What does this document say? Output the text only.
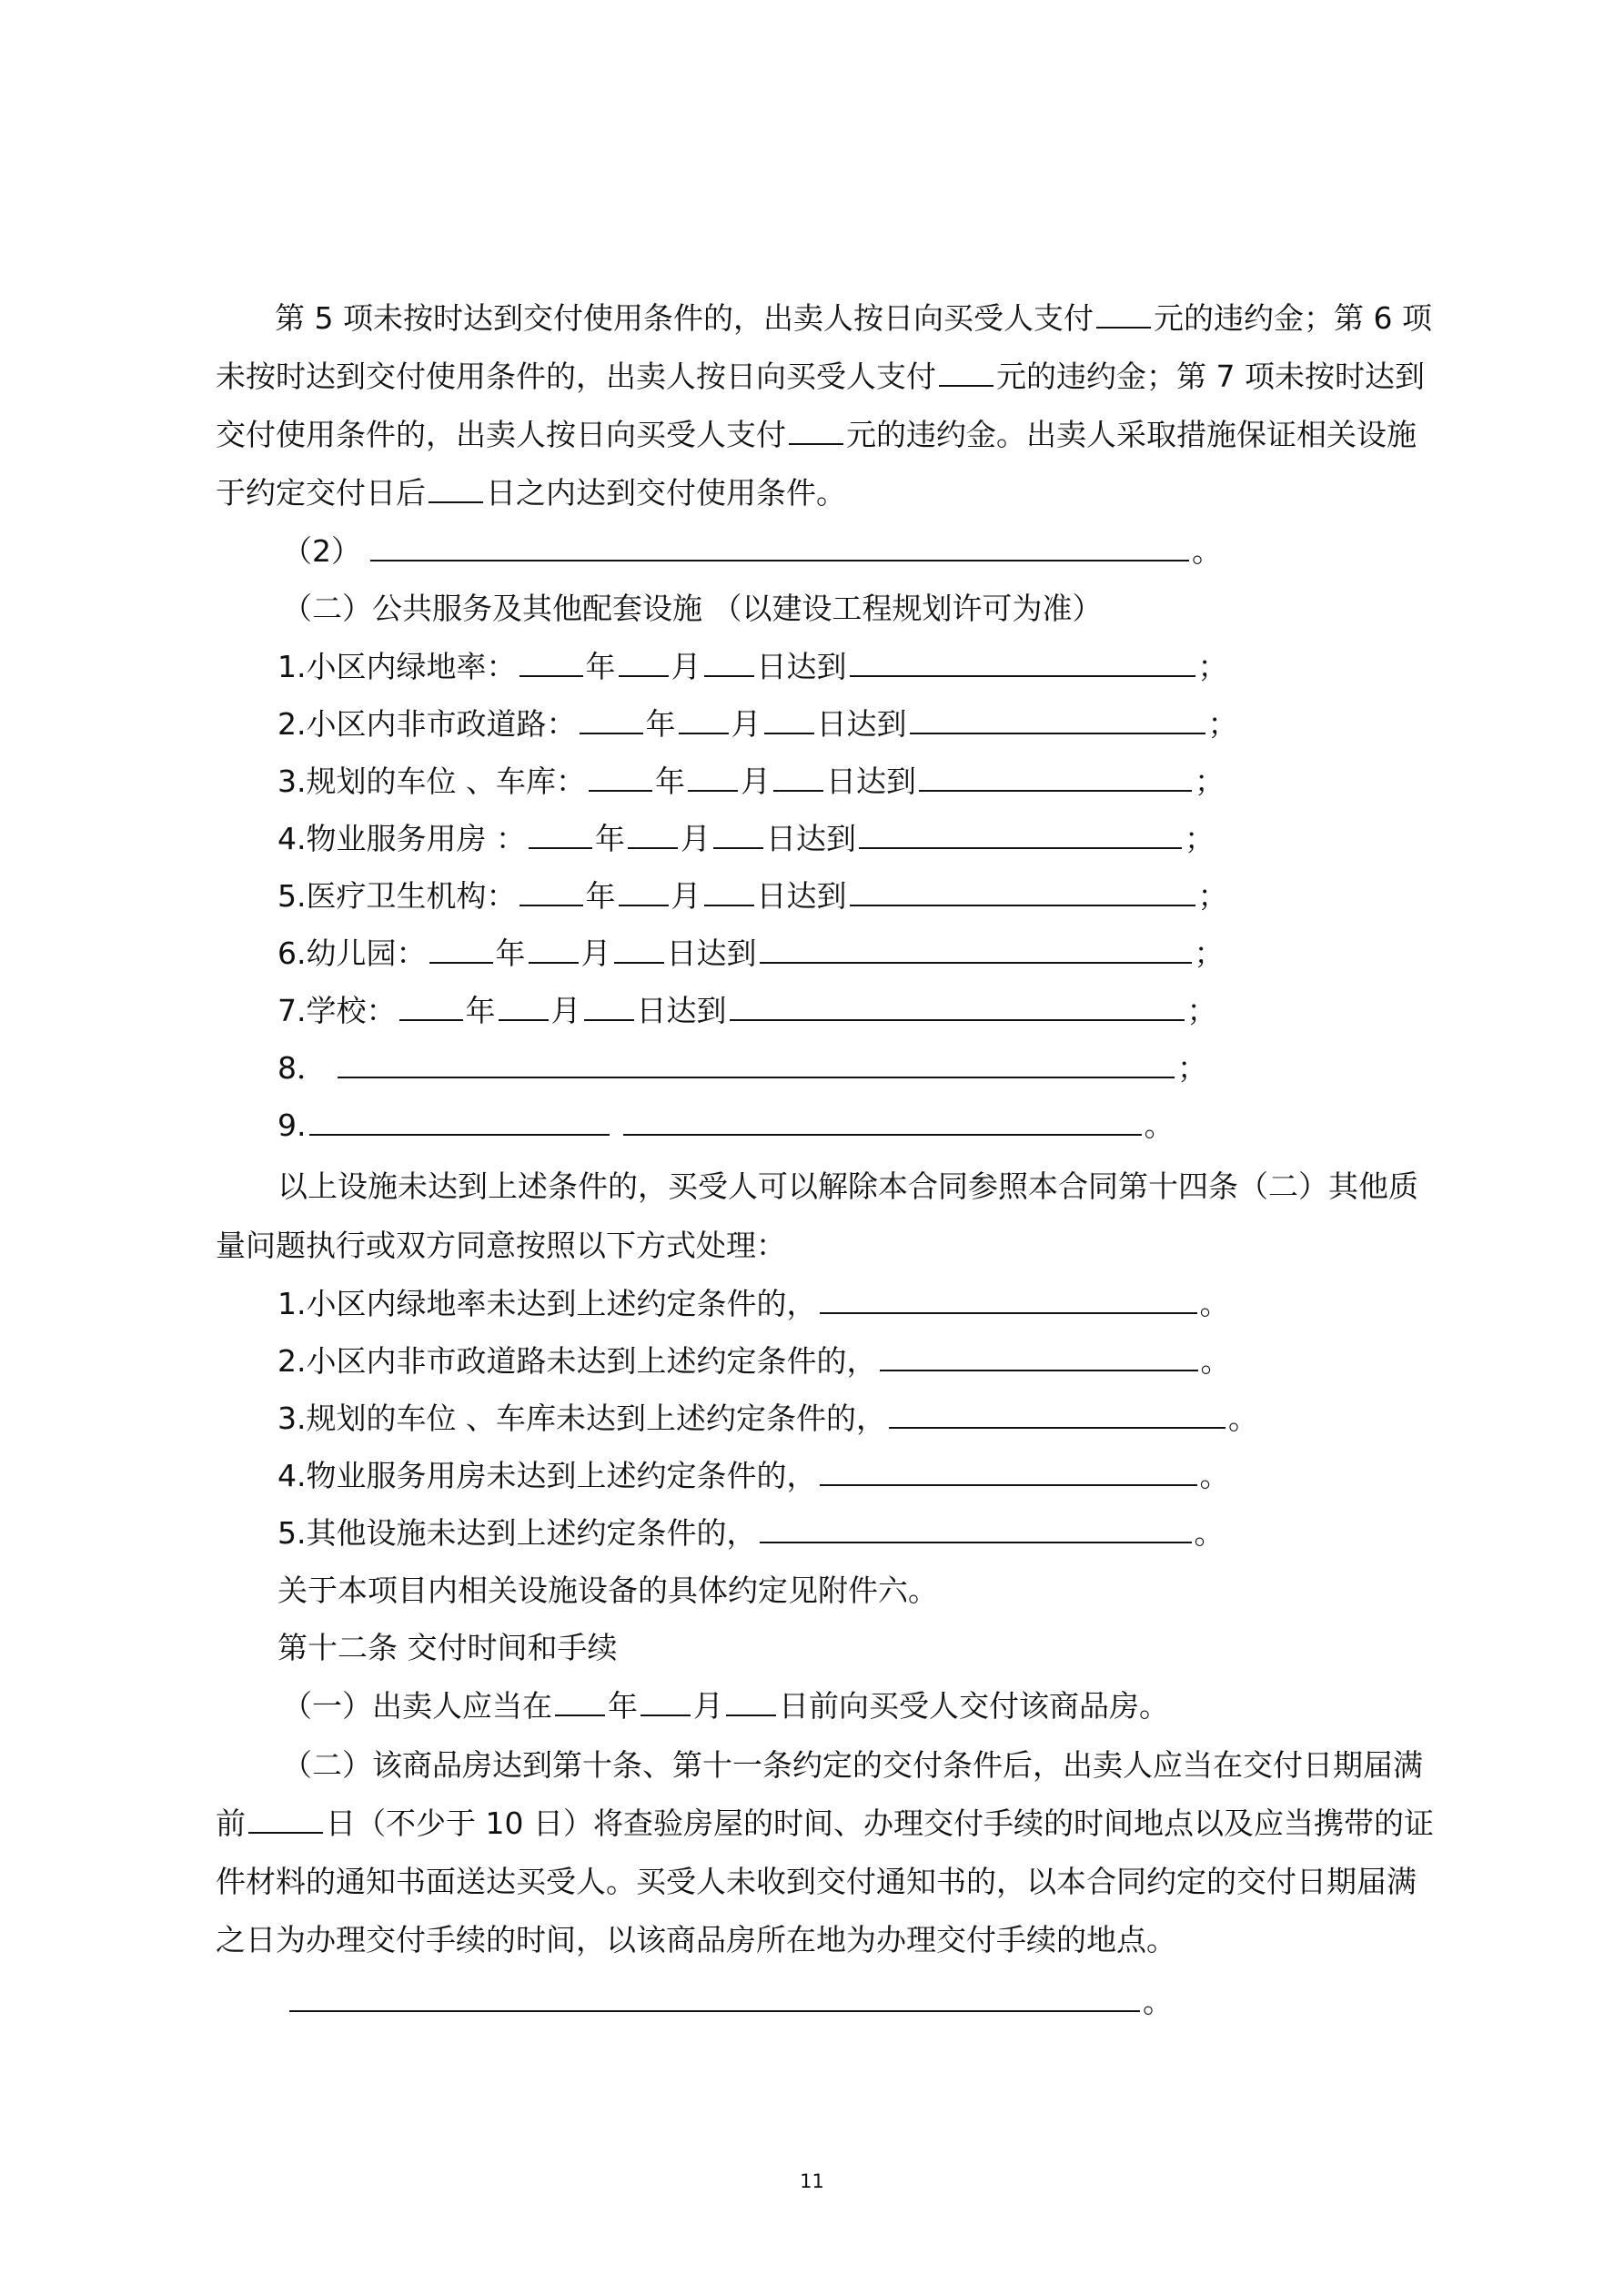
第 5 项未按时达到交付使用条件的，出卖人按日向买受人支付 元的违约金；第 6 项
未按时达到交付使用条件的，出卖人按日向买受人支付 元的违约金；第 7 项未按时达到
交付使用条件的，出卖人按日向买受人支付 元的违约金。出卖人采取措施保证相关设施
于约定交付日后 日之内达到交付使用条件。
（2）	。
（二）公共服务及其他配套设施 （以建设工程规划许可为准）
1.小区内绿地率： 年 月 日达到	；
2.小区内非市政道路： 年 月 日达到	；
3.规划的车位 、车库： 年 月 日达到	；
4.物业服务用房 ： 年 月 日达到	；
5.医疗卫生机构： 年 月 日达到	；
6.幼儿园： 年 月 日达到	；
7.学校： 年 月 日达到	；
8．	；
9.	。
以上设施未达到上述条件的，买受人可以解除本合同参照本合同第十四条（二）其他质
量问题执行或双方同意按照以下方式处理：
1.小区内绿地率未达到上述约定条件的，	。
2.小区内非市政道路未达到上述约定条件的，	。
3.规划的车位 、车库未达到上述约定条件的，	。
4.物业服务用房未达到上述约定条件的，	。
5.其他设施未达到上述约定条件的，	。
关于本项目内相关设施设备的具体约定见附件六。
第十二条 交付时间和手续
（一）出卖人应当在 年 月 日前向买受人交付该商品房。
（二）该商品房达到第十条、第十一条约定的交付条件后，出卖人应当在交付日期届满
前	日（不少于 10 日）将查验房屋的时间、办理交付手续的时间地点以及应当携带的证
件材料的通知书面送达买受人。买受人未收到交付通知书的，以本合同约定的交付日期届满
之日为办理交付手续的时间，以该商品房所在地为办理交付手续的地点。
。
11
